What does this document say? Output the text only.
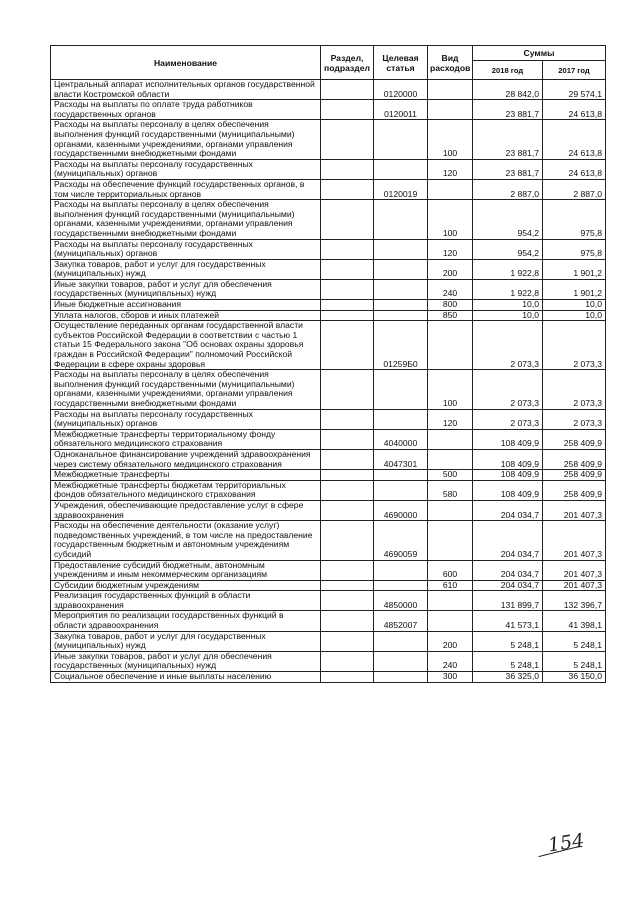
Наименование	Раздел, подраздел	Целевая статья	Вид расходов	Суммы	
				2018 год	2017 год
Центральный аппарат исполнительных органов государственной власти Костромской области		0120000		28 842,0	29 574,1
Расходы на выплаты по оплате труда работников государственных органов		0120011		23 881,7	24 613,8
Расходы на выплаты персоналу в целях обеспечения выполнения функций государственными (муниципальными) органами, казенными учреждениями, органами управления государственными внебюджетными фондами			100	23 881,7	24 613,8
Расходы на выплаты персоналу государственных (муниципальных) органов			120	23 881,7	24 613,8
Расходы на обеспечение функций государственных органов, в том числе территориальных органов		0120019		2 887,0	2 887,0
Расходы на выплаты персоналу в целях обеспечения выполнения функций государственными (муниципальными) органами, казенными учреждениями, органами управления государственными внебюджетными фондами			100	954,2	975,8
Расходы на выплаты персоналу государственных (муниципальных) органов			120	954,2	975,8
Закупка товаров, работ и услуг для государственных (муниципальных) нужд			200	1 922,8	1 901,2
Иные закупки товаров, работ и услуг для обеспечения государственных (муниципальных) нужд			240	1 922,8	1 901,2
Иные бюджетные ассигнования			800	10,0	10,0
Уплата налогов, сборов и иных платежей			850	10,0	10,0
Осуществление переданных органам государственной власти субъектов Российской Федерации в соответствии с частью 1 статьи 15 Федерального закона "Об основах охраны здоровья граждан в Российской Федерации" полномочий Российской Федерации в сфере охраны здоровья		01259Б0		2 073,3	2 073,3
Расходы на выплаты персоналу в целях обеспечения выполнения функций государственными (муниципальными) органами, казенными учреждениями, органами управления государственными внебюджетными фондами			100	2 073,3	2 073,3
Расходы на выплаты персоналу государственных (муниципальных) органов			120	2 073,3	2 073,3
Межбюджетные трансферты территориальному фонду обязательного медицинского страхования		4040000		108 409,9	258 409,9
Одноканальное финансирование учреждений здравоохранения через систему обязательного медицинского страхования		4047301		108 409,9	258 409,9
Межбюджетные трансферты			500	108 409,9	258 409,9
Межбюджетные трансферты бюджетам территориальных фондов обязательного медицинского страхования			580	108 409,9	258 409,9
Учреждения, обеспечивающие предоставление услуг в сфере здравоохранения		4690000		204 034,7	201 407,3
Расходы на обеспечение деятельности (оказание услуг) подведомственных учреждений, в том числе на предоставление государственным бюджетным и автономным учреждениям субсидий		4690059		204 034,7	201 407,3
Предоставление субсидий бюджетным, автономным учреждениям и иным некоммерческим организациям			600	204 034,7	201 407,3
Субсидии бюджетным учреждениям			610	204 034,7	201 407,3
Реализация государственных функций в области здравоохранения		4850000		131 899,7	132 396,7
Мероприятия по реализации государственных функций в области здравоохранения		4852007		41 573,1	41 398,1
Закупка товаров, работ и услуг для государственных (муниципальных) нужд			200	5 248,1	5 248,1
Иные закупки товаров, работ и услуг для обеспечения государственных (муниципальных) нужд			240	5 248,1	5 248,1
Социальное обеспечение и иные выплаты населению			300	36 325,0	36 150,0
154
